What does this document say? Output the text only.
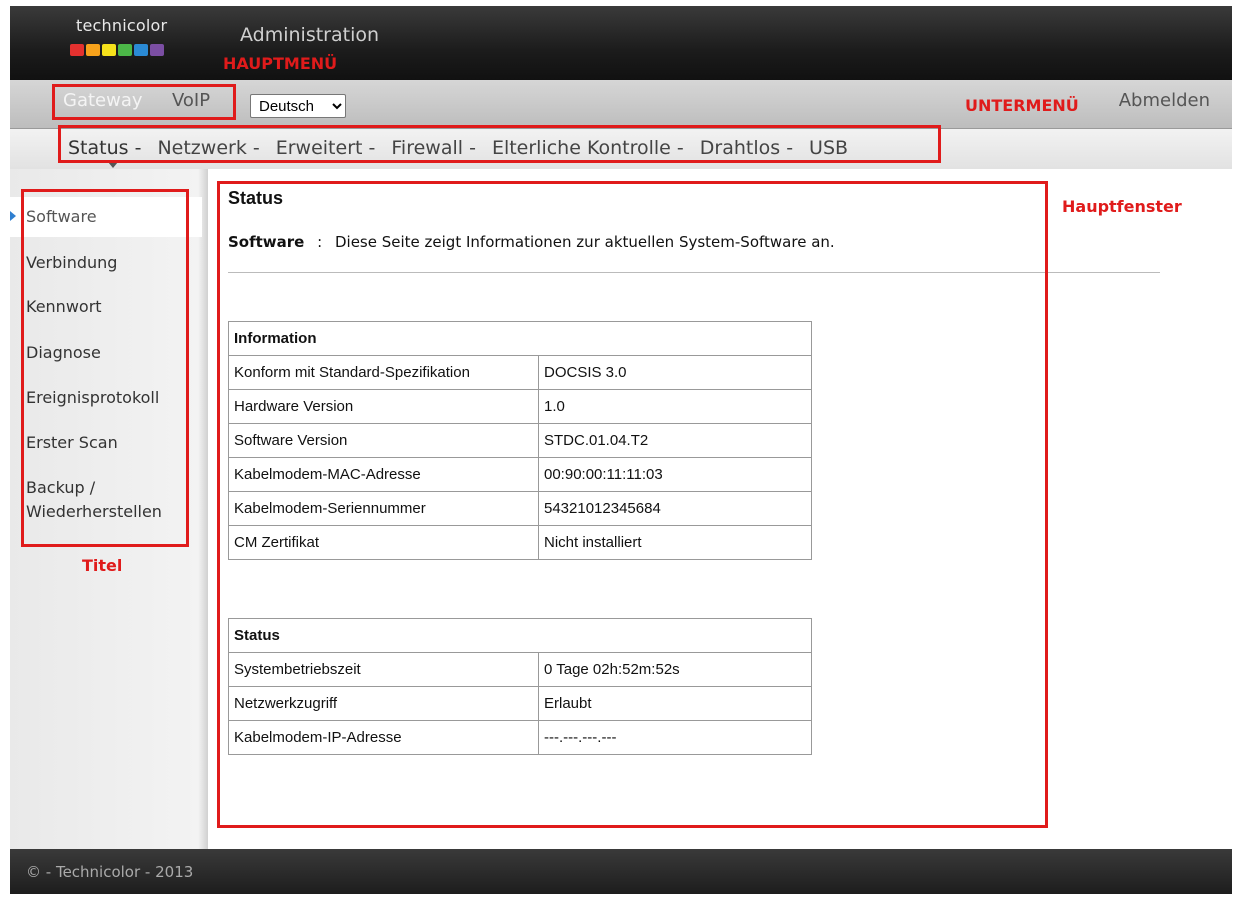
technicolor	Administration
Gateway VoIP
Deutsch	Abmelden
Status - Netzwerk - Erweitert - Firewall - Elterliche Kontrolle - Drahtlos - USB
Software
Verbindung
Kennwort
Diagnose
Ereignisprotokoll
Erster Scan
Backup /
Wiederherstellen
Status
Software : Diese Seite zeigt Informationen zur aktuellen System-Software an.
Information	
Konform mit Standard-Spezifikation	DOCSIS 3.0
Hardware Version	1.0
Software Version	STDC.01.04.T2
Kabelmodem-MAC-Adresse	00:90:00:11:11:03
Kabelmodem-Seriennummer	54321012345684
CM Zertifikat	Nicht installiert
Status	
Systembetriebszeit	0 Tage 02h:52m:52s
Netzwerkzugriff	Erlaubt
Kabelmodem-IP-Adresse	---.---.---.---
© - Technicolor - 2013
HAUPTMENÜ
UNTERMENÜ
Titel
Hauptfenster
